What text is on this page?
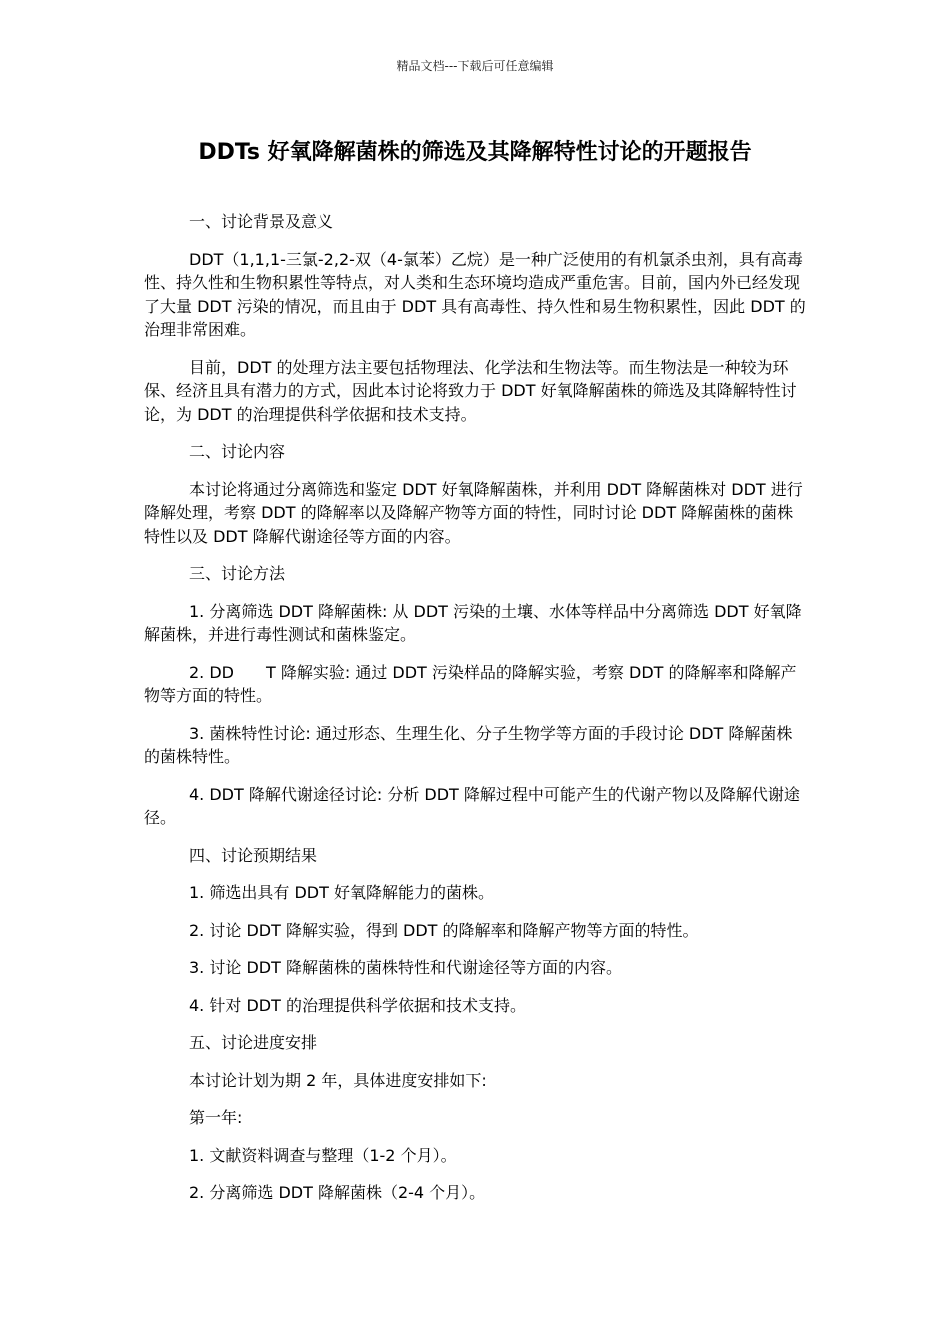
精品文档---下载后可任意编辑
DDTs 好氧降解菌株的筛选及其降解特性讨论的开题报告

一、讨论背景及意义

DDT（1,1,1-三氯-2,2-双（4-氯苯）乙烷）是一种广泛使用的有机氯杀虫剂，具有高毒性、持久性和生物积累性等特点，对人类和生态环境均造成严重危害。目前，国内外已经发现了大量 DDT 污染的情况，而且由于 DDT 具有高毒性、持久性和易生物积累性，因此 DDT 的治理非常困难。

目前，DDT 的处理方法主要包括物理法、化学法和生物法等。而生物法是一种较为环保、经济且具有潜力的方式，因此本讨论将致力于 DDT 好氧降解菌株的筛选及其降解特性讨论，为 DDT 的治理提供科学依据和技术支持。

二、讨论内容

本讨论将通过分离筛选和鉴定 DDT 好氧降解菌株，并利用 DDT 降解菌株对 DDT 进行降解处理，考察 DDT 的降解率以及降解产物等方面的特性，同时讨论 DDT 降解菌株的菌株特性以及 DDT 降解代谢途径等方面的内容。

三、讨论方法

1. 分离筛选 DDT 降解菌株: 从 DDT 污染的土壤、水体等样品中分离筛选 DDT 好氧降解菌株，并进行毒性测试和菌株鉴定。

2. DD　　T 降解实验: 通过 DDT 污染样品的降解实验，考察 DDT 的降解率和降解产物等方面的特性。

3. 菌株特性讨论: 通过形态、生理生化、分子生物学等方面的手段讨论 DDT 降解菌株的菌株特性。

4. DDT 降解代谢途径讨论: 分析 DDT 降解过程中可能产生的代谢产物以及降解代谢途径。

四、讨论预期结果

1. 筛选出具有 DDT 好氧降解能力的菌株。

2. 讨论 DDT 降解实验，得到 DDT 的降解率和降解产物等方面的特性。

3. 讨论 DDT 降解菌株的菌株特性和代谢途径等方面的内容。

4. 针对 DDT 的治理提供科学依据和技术支持。

五、讨论进度安排

本讨论计划为期 2 年，具体进度安排如下:

第一年:

1. 文献资料调查与整理（1-2 个月）。

2. 分离筛选 DDT 降解菌株（2-4 个月）。
